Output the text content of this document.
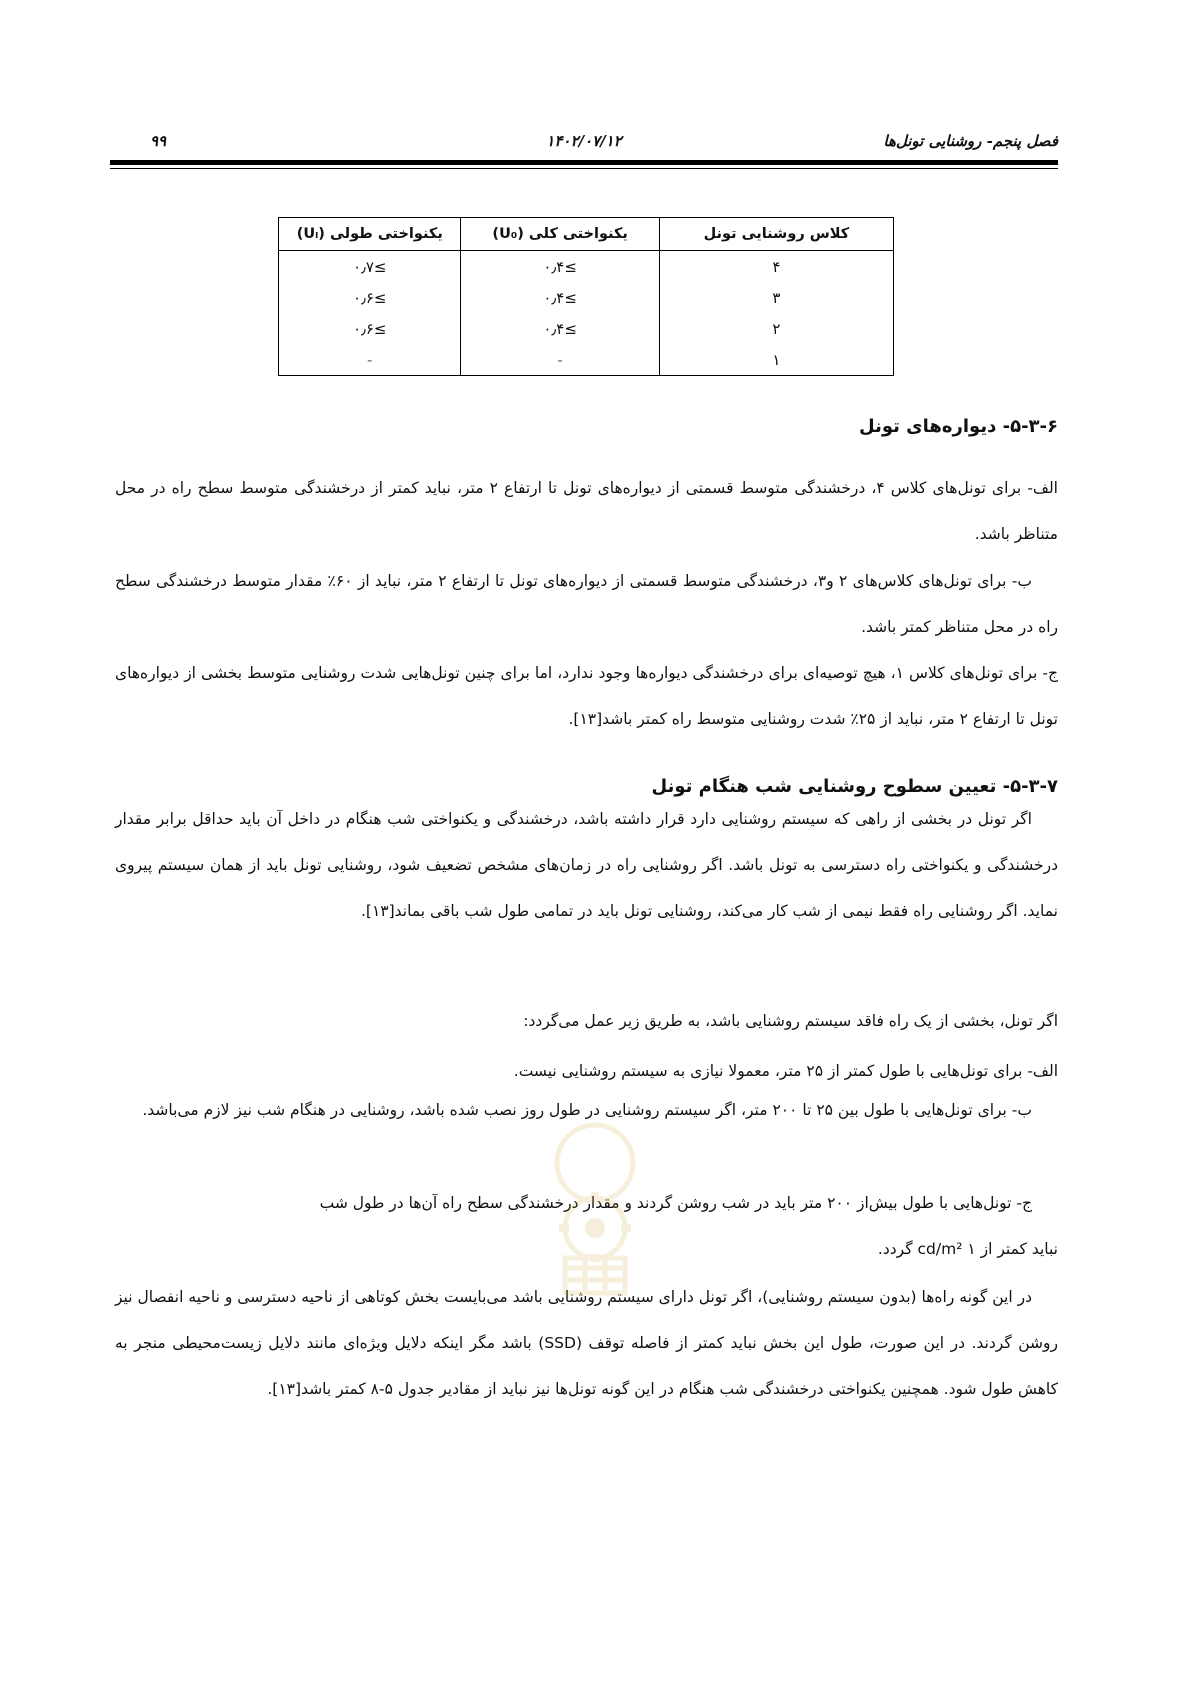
فصل پنجم- روشنایی تونل‌ها
۱۴۰۲/۰۷/۱۲
۹۹
کلاس روشنایی تونل	یکنواختی کلی (U₀)	یکنواختی طولی (Uₗ)
۴	≥۰٫۴	≥۰٫۷
۳	≥۰٫۴	≥۰٫۶
۲	≥۰٫۴	≥۰٫۶
۱	-	-
۵-۳-۶- دیواره‌های تونل
الف- برای تونل‌های کلاس ۴، درخشندگی متوسط قسمتی از دیواره‌های تونل تا ارتفاع ۲ متر، نباید کمتر از درخشندگی متوسط سطح راه در محل متناظر باشد.
ب- برای تونل‌های کلاس‌های ۲ و۳، درخشندگی متوسط قسمتی از دیواره‌های تونل تا ارتفاع ۲ متر، نباید از ۶۰٪ مقدار متوسط درخشندگی سطح راه در محل متناظر کمتر باشد.
ج- برای تونل‌های کلاس ۱، هیچ توصیه‌ای برای درخشندگی دیواره‌ها وجود ندارد، اما برای چنین تونل‌هایی شدت روشنایی متوسط بخشی از دیواره‌های تونل تا ارتفاع ۲ متر، نباید از ۲۵٪ شدت روشنایی متوسط راه کمتر باشد[۱۳].
۵-۳-۷- تعیین سطوح روشنایی شب هنگام تونل
اگر تونل در بخشی از راهی که سیستم روشنایی دارد قرار داشته باشد، درخشندگی و یکنواختی شب هنگام در داخل آن باید حداقل برابر مقدار درخشندگی و یکنواختی راه دسترسی به تونل باشد. اگر روشنایی راه در زمان‌های مشخص تضعیف شود، روشنایی تونل باید از همان سیستم پیروی نماید. اگر روشنایی راه فقط نیمی از شب کار می‌کند، روشنایی تونل باید در تمامی طول شب باقی بماند[۱۳].
اگر تونل، بخشی از یک راه فاقد سیستم روشنایی باشد، به طریق زیر عمل می‌گردد:
الف- برای تونل‌هایی با طول کمتر از ۲۵ متر، معمولا نیازی به سیستم روشنایی نیست.
ب- برای تونل‌هایی با طول بین ۲۵ تا ۲۰۰ متر، اگر سیستم روشنایی در طول روز نصب شده باشد، روشنایی در هنگام شب نیز لازم می‌باشد.
ج- تونل‌هایی با طول بیش‌از ۲۰۰ متر باید در شب روشن گردند و مقدار درخشندگی سطح راه آن‌ها در طول شب
نباید کمتر از ۱ cd/m² گردد.
در این گونه راه‌ها (بدون سیستم روشنایی)، اگر تونل دارای سیستم روشنایی باشد می‌بایست بخش کوتاهی از ناحیه دسترسی و ناحیه انفصال نیز روشن گردند. در این صورت، طول این بخش نباید کمتر از فاصله توقف (SSD) باشد مگر اینکه دلایل ویژه‌ای مانند دلایل زیست‌محیطی منجر به کاهش طول شود. همچنین یکنواختی درخشندگی شب هنگام در این گونه تونل‌ها نیز نباید از مقادیر جدول ۵-۸ کمتر باشد[۱۳].
